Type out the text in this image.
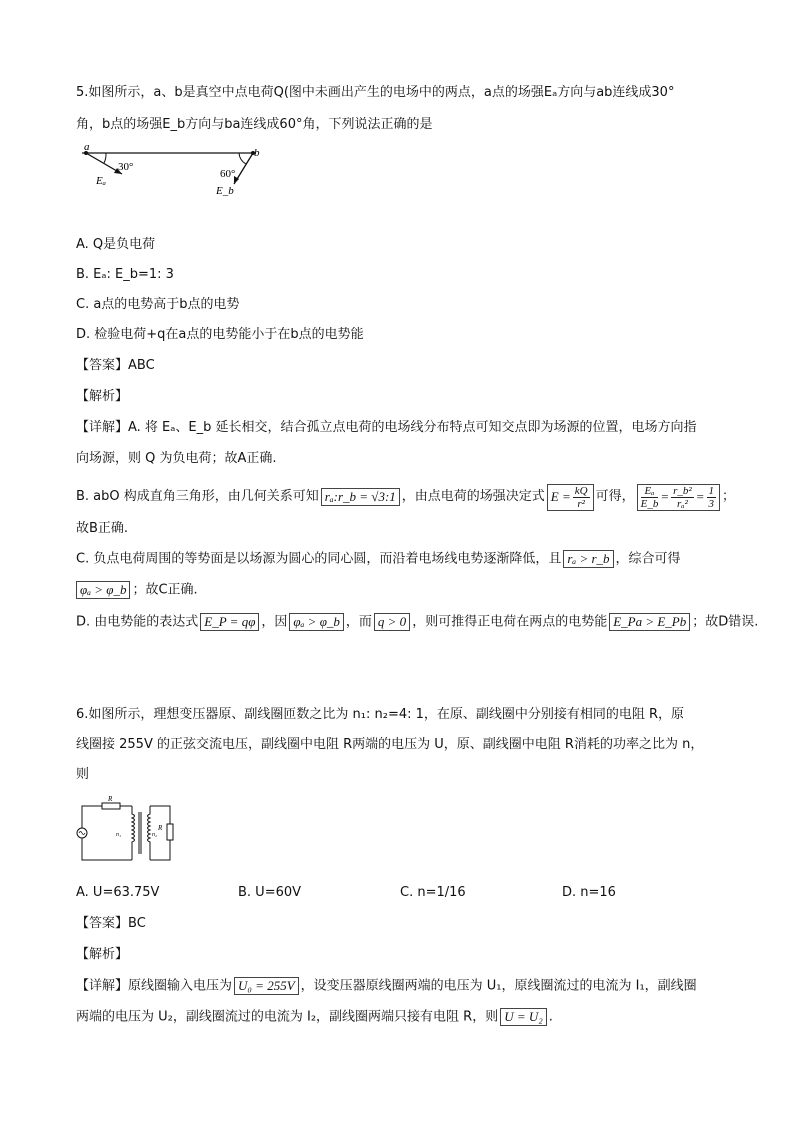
5.如图所示，a、b是真空中点电荷Q(图中未画出产生的电场中的两点，a点的场强Eₐ方向与ab连线成30°
角，b点的场强E_b方向与ba连线成60°角，下列说法正确的是
a	b
30°
60°
Eₐ
E_b
A. Q是负电荷
B. Eₐ: E_b=1: 3
C. a点的电势高于b点的电势
D. 检验电荷+q在a点的电势能小于在b点的电势能
【答案】ABC
【解析】
【详解】A. 将 Eₐ、E_b 延长相交，结合孤立点电荷的电场线分布特点可知交点即为场源的位置，电场方向指
向场源，则 Q 为负电荷；故A正确.
B. abO 构成直角三角形，由几何关系可知 rₐ:r_b = √3:1 ，由点电荷的场强决定式 $E = \frac{kQ}{\text{r²}}$ 可得， $\frac{\text{Eₐ}}{E\_b} = \frac{\text{r\_b²}}{\text{rₐ²}} = \frac{1}{3}$ ；
故B正确.
C. 负点电荷周围的等势面是以场源为圆心的同心圆，而沿着电场线电势逐渐降低，且 rₐ > r_b ，综合可得
φₐ > φ_b ；故C正确.
D. 由电势能的表达式 E_P = qφ ，因 φₐ > φ_b ，而 q > 0 ，则可推得正电荷在两点的电势能 E_Pa > E_Pb ；故D错误.
6.如图所示，理想变压器原、副线圈匝数之比为 n₁: n₂=4: 1，在原、副线圈中分别接有相同的电阻 R，原
线圈接 255V 的正弦交流电压，副线圈中电阻 R两端的电压为 U，原、副线圈中电阻 R消耗的功率之比为 n，
则
R
R
n₁	n₂
A. U=63.75V	B. U=60V	C. n=1/16	D. n=16
【答案】BC
【解析】
【详解】原线圈输入电压为 U₀ = 255V ，设变压器原线圈两端的电压为 U₁，原线圈流过的电流为 I₁，副线圈
两端的电压为 U₂，副线圈流过的电流为 I₂，副线圈两端只接有电阻 R，则 U = U₂ .
